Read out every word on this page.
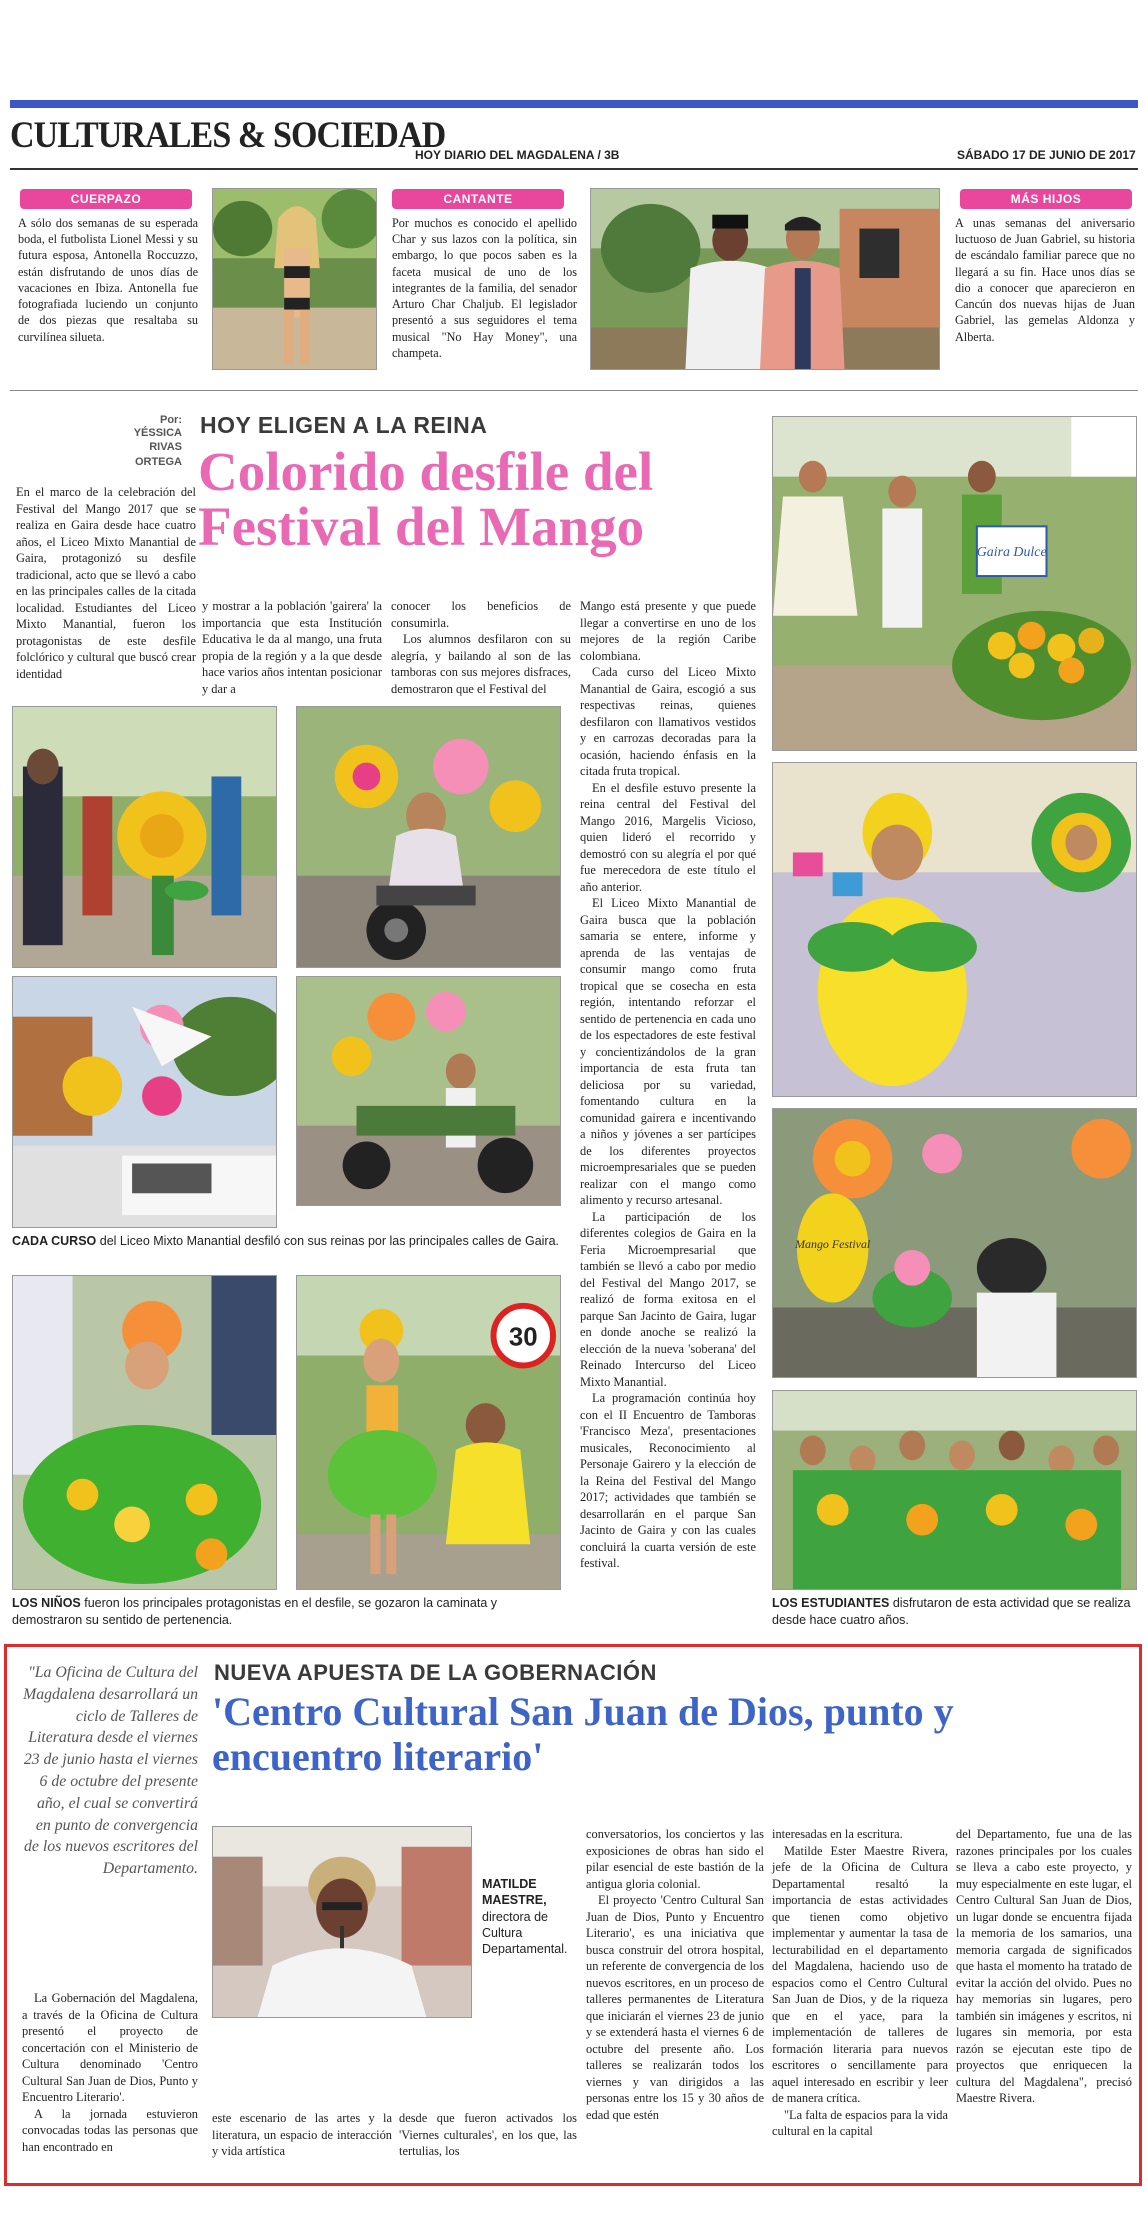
CULTURALES & SOCIEDAD
HOY DIARIO DEL MAGDALENA / 3B	SÁBADO 17 DE JUNIO DE 2017
CUERPAZO
A sólo dos semanas de su esperada boda, el futbolista Lionel Messi y su futura esposa, Antonella Roccuzzo, están disfrutando de unos días de vacaciones en Ibiza. Antonella fue fotografiada luciendo un conjunto de dos piezas que resaltaba su curvilínea silueta.
CANTANTE
Por muchos es conocido el apellido Char y sus lazos con la política, sin embargo, lo que pocos saben es la faceta musical de uno de los integrantes de la familia, del senador Arturo Char Chaljub. El legislador presentó a sus seguidores el tema musical "No Hay Money", una champeta.
MÁS HIJOS
A unas semanas del aniversario luctuoso de Juan Gabriel, su historia de escándalo familiar parece que no llegará a su fin. Hace unos días se dio a conocer que aparecieron en Cancún dos nuevas hijas de Juan Gabriel, las gemelas Aldonza y Alberta.
Por:
YÉSSICA RIVAS ORTEGA
HOY ELIGEN A LA REINA
Colorido desfile del Festival del Mango
En el marco de la celebración del Festival del Mango 2017 que se realiza en Gaira desde hace cuatro años, el Liceo Mixto Manantial de Gaira, protagonizó su desfile tradicional, acto que se llevó a cabo en las principales calles de la citada localidad. Estudiantes del Liceo Mixto Manantial, fueron los protagonistas de este desfile folclórico y cultural que buscó crear identidad
y mostrar a la población 'gairera' la importancia que esta Institución Educativa le da al mango, una fruta propia de la región y a la que desde hace varios años intentan posicionar y dar a

conocer los beneficios de consumirla.

Los alumnos desfilaron con su alegría, y bailando al son de las tamboras con sus mejores disfraces, demostraron que el Festival del

Mango está presente y que puede llegar a convertirse en uno de los mejores de la región Caribe colombiana.

Cada curso del Liceo Mixto Manantial de Gaira, escogió a sus respectivas reinas, quienes desfilaron con llamativos vestidos y en carrozas decoradas para la ocasión, haciendo énfasis en la citada fruta tropical.

En el desfile estuvo presente la reina central del Festival del Mango 2016, Margelis Vicioso, quien lideró el recorrido y demostró con su alegría el por qué fue merecedora de este título el año anterior.

El Liceo Mixto Manantial de Gaira busca que la población samaria se entere, informe y aprenda de las ventajas de consumir mango como fruta tropical que se cosecha en esta región, intentando reforzar el sentido de pertenencia en cada uno de los espectadores de este festival y concientizándolos de la gran importancia de esta fruta tan deliciosa por su variedad, fomentando cultura en la comunidad gairera e incentivando a niños y jóvenes a ser partícipes de los diferentes proyectos microempresariales que se pueden realizar con el mango como alimento y recurso artesanal.

La participación de los diferentes colegios de Gaira en la Feria Microempresarial que también se llevó a cabo por medio del Festival del Mango 2017, se realizó de forma exitosa en el parque San Jacinto de Gaira, lugar en donde anoche se realizó la elección de la nueva 'soberana' del Reinado Intercurso del Liceo Mixto Manantial.

La programación continúa hoy con el II Encuentro de Tamboras 'Francisco Meza', presentaciones musicales, Reconocimiento al Personaje Gairero y la elección de la Reina del Festival del Mango 2017; actividades que también se desarrollarán en el parque San Jacinto de Gaira y con las cuales concluirá la cuarta versión de este festival.

CADA CURSO del Liceo Mixto Manantial desfiló con sus reinas por las principales calles de Gaira.
30
LOS NIÑOS fueron los principales protagonistas en el desfile, se gozaron la caminata y demostraron su sentido de pertenencia.
Gaira Dulce
Mango Festival
LOS ESTUDIANTES disfrutaron de esta actividad que se realiza desde hace cuatro años.
"La Oficina de Cultura del Magdalena desarrollará un ciclo de Talleres de Literatura desde el viernes 23 de junio hasta el viernes 6 de octubre del presente año, el cual se convertirá en punto de convergencia de los nuevos escritores del Departamento.
NUEVA APUESTA DE LA GOBERNACIÓN
'Centro Cultural San Juan de Dios, punto y encuentro literario'

La Gobernación del Magdalena, a través de la Oficina de Cultura presentó el proyecto de concertación con el Ministerio de Cultura denominado 'Centro Cultural San Juan de Dios, Punto y Encuentro Literario'.

A la jornada estuvieron convocadas todas las personas que han encontrado en

MATILDE MAESTRE, directora de Cultura Departamental.
este escenario de las artes y la literatura, un espacio de interacción y vida artística
desde que fueron activados los 'Viernes culturales', en los que, las tertulias, los

conversatorios, los conciertos y las exposiciones de obras han sido el pilar esencial de este bastión de la antigua gloria colonial.

El proyecto 'Centro Cultural San Juan de Dios, Punto y Encuentro Literario', es una iniciativa que busca construir del otrora hospital, un referente de convergencia de los nuevos escritores, en un proceso de talleres permanentes de Literatura que iniciarán el viernes 23 de junio y se extenderá hasta el viernes 6 de octubre del presente año. Los talleres se realizarán todos los viernes y van dirigidos a las personas entre los 15 y 30 años de edad que estén

interesadas en la escritura.

Matilde Ester Maestre Rivera, jefe de la Oficina de Cultura Departamental resaltó la importancia de estas actividades que tienen como objetivo implementar y aumentar la tasa de lecturabilidad en el departamento del Magdalena, haciendo uso de espacios como el Centro Cultural San Juan de Dios, y de la riqueza que en el yace, para la implementación de talleres de formación literaria para nuevos escritores o sencillamente para aquel interesado en escribir y leer de manera crítica.

"La falta de espacios para la vida cultural en la capital

del Departamento, fue una de las razones principales por los cuales se lleva a cabo este proyecto, y muy especialmente en este lugar, el Centro Cultural San Juan de Dios, un lugar donde se encuentra fijada la memoria de los samarios, una memoria cargada de significados que hasta el momento ha tratado de evitar la acción del olvido. Pues no hay memorias sin lugares, pero también sin imágenes y escritos, ni lugares sin memoria, por esta razón se ejecutan este tipo de proyectos que enriquecen la cultura del Magdalena", precisó Maestre Rivera.
